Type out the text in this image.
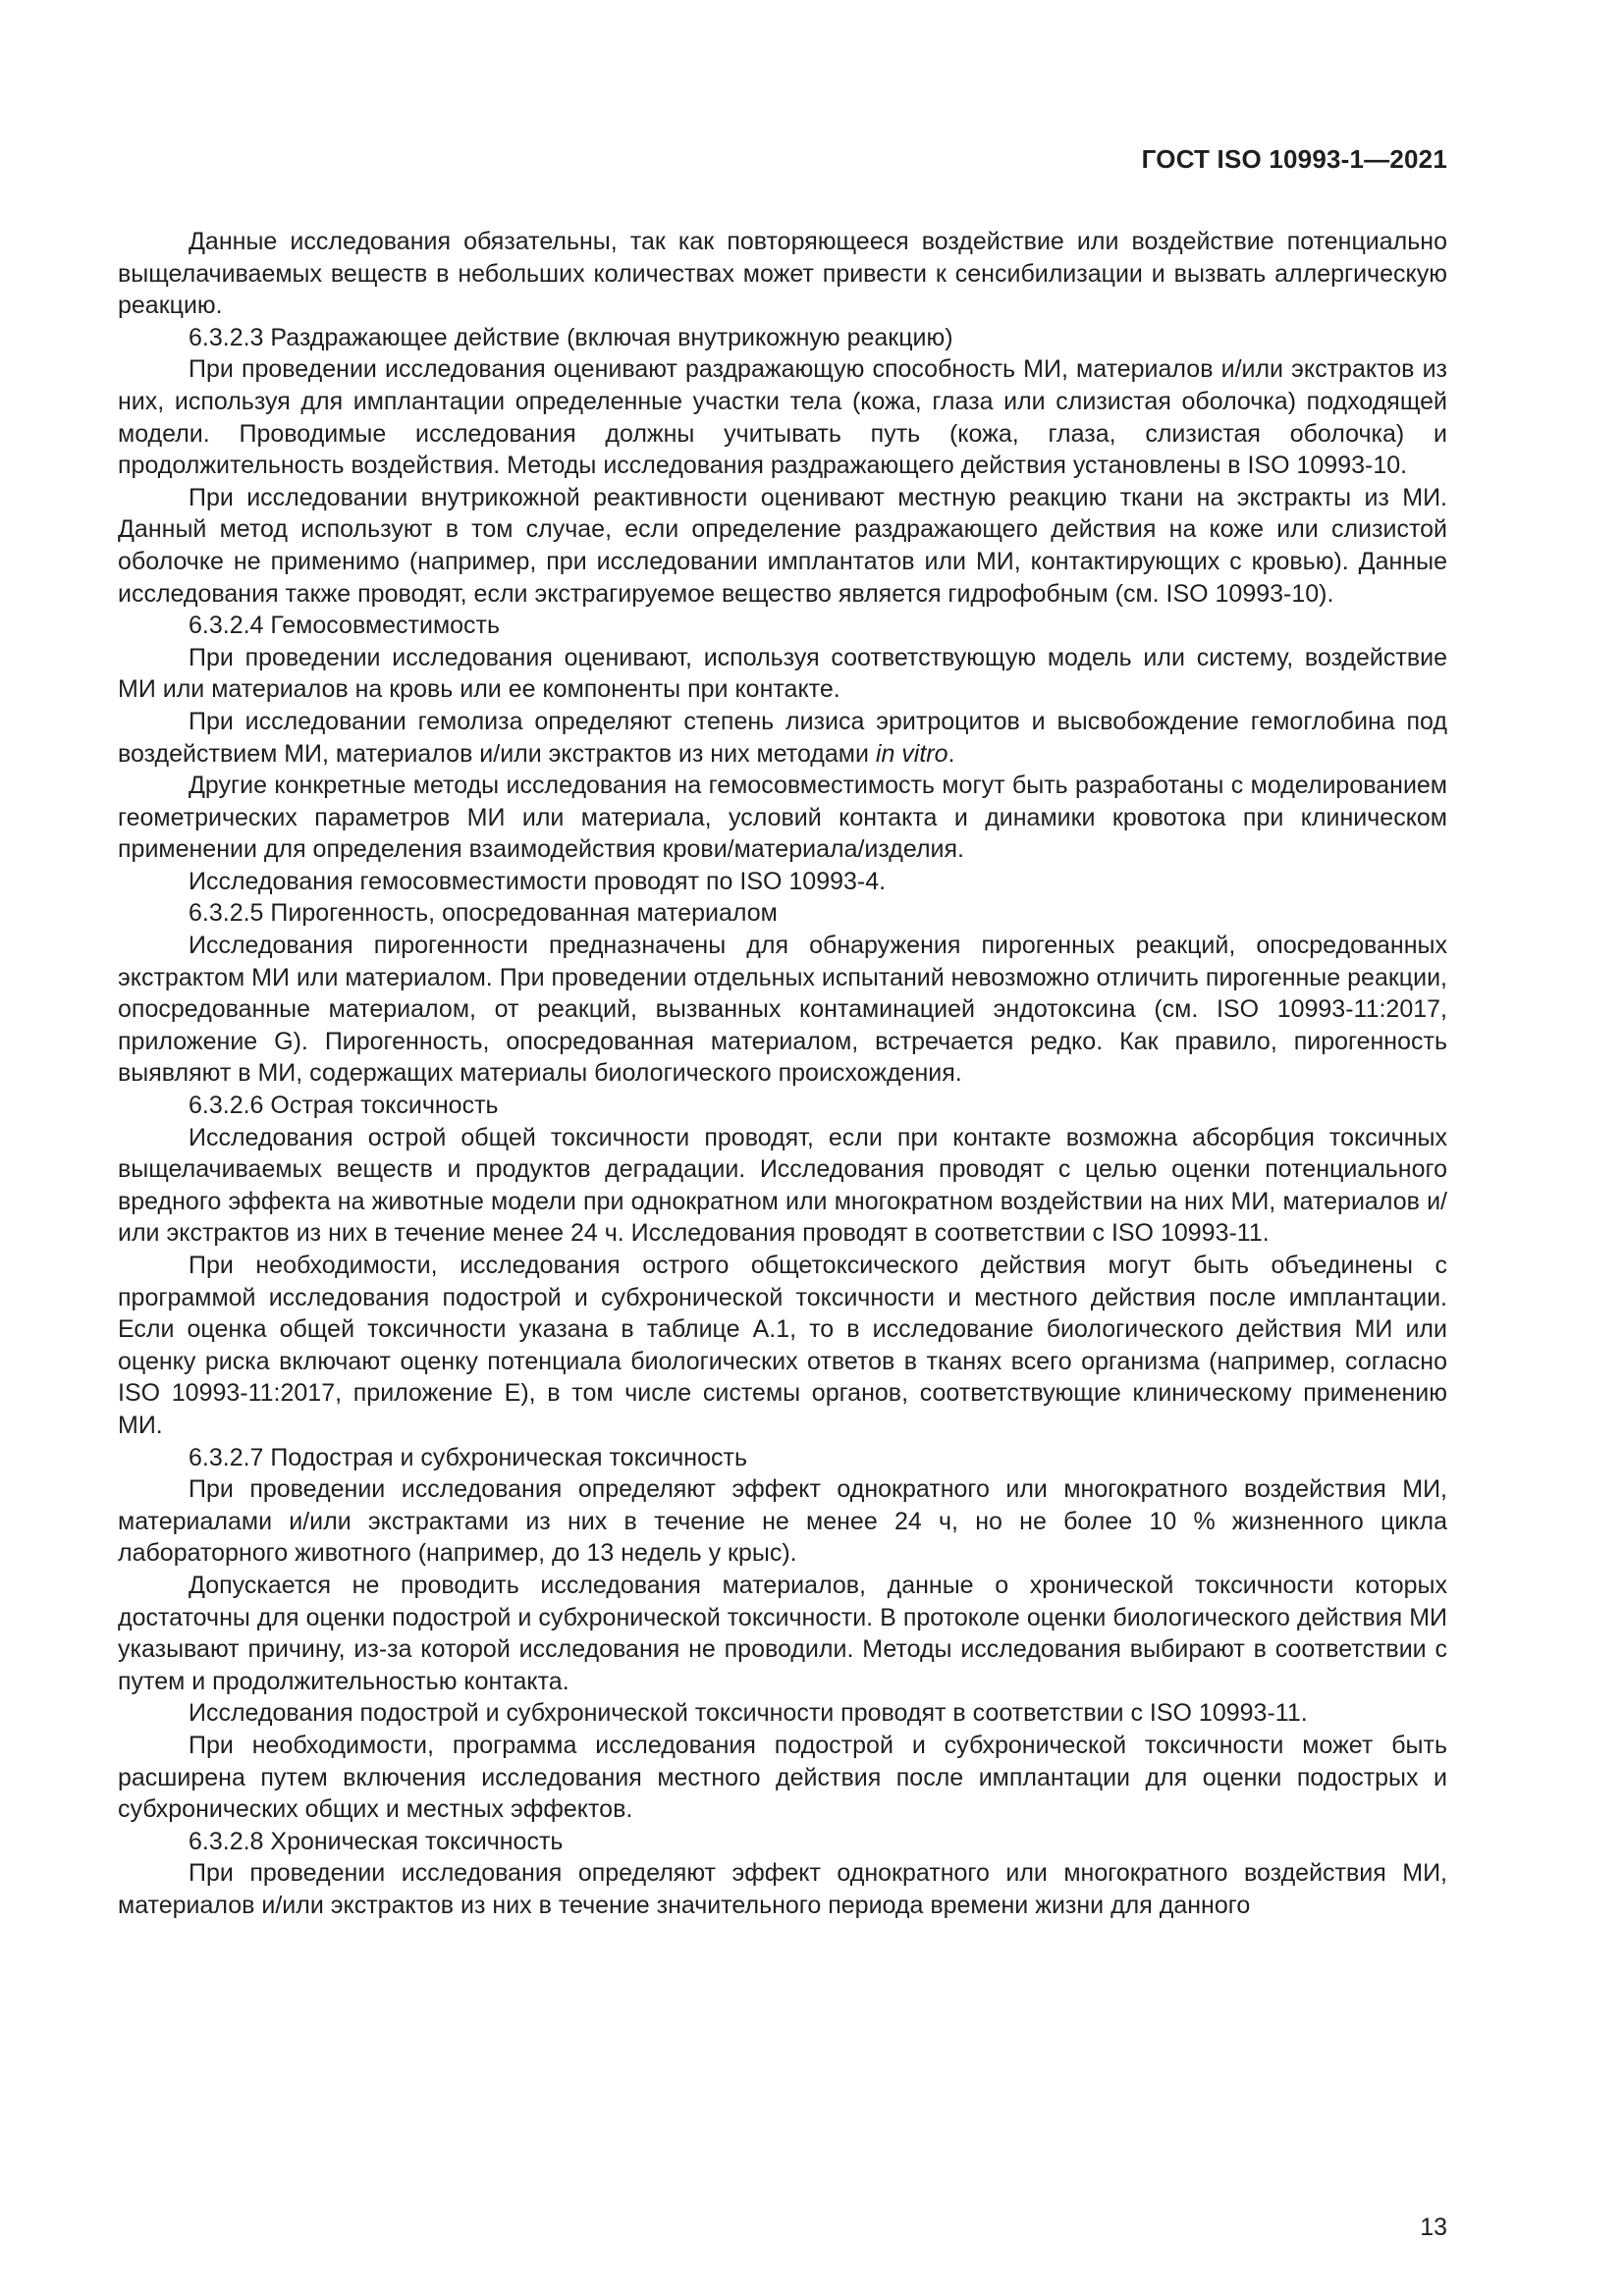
ГОСТ ISO 10993-1—2021

Данные исследования обязательны, так как повторяющееся воздействие или воздействие потенциально выщелачиваемых веществ в небольших количествах может привести к сенсибилизации и вызвать аллергическую реакцию.

6.3.2.3 Раздражающее действие (включая внутрикожную реакцию)

При проведении исследования оценивают раздражающую способность МИ, материалов и/или экстрактов из них, используя для имплантации определенные участки тела (кожа, глаза или слизистая оболочка) подходящей модели. Проводимые исследования должны учитывать путь (кожа, глаза, слизистая оболочка) и продолжительность воздействия. Методы исследования раздражающего действия установлены в ISO 10993-10.

При исследовании внутрикожной реактивности оценивают местную реакцию ткани на экстракты из МИ. Данный метод используют в том случае, если определение раздражающего действия на коже или слизистой оболочке не применимо (например, при исследовании имплантатов или МИ, контактирующих с кровью). Данные исследования также проводят, если экстрагируемое вещество является гидрофобным (см. ISO 10993-10).

6.3.2.4 Гемосовместимость

При проведении исследования оценивают, используя соответствующую модель или систему, воздействие МИ или материалов на кровь или ее компоненты при контакте.

При исследовании гемолиза определяют степень лизиса эритроцитов и высвобождение гемоглобина под воздействием МИ, материалов и/или экстрактов из них методами in vitro.

Другие конкретные методы исследования на гемосовместимость могут быть разработаны с моделированием геометрических параметров МИ или материала, условий контакта и динамики кровотока при клиническом применении для определения взаимодействия крови/материала/изделия.

Исследования гемосовместимости проводят по ISO 10993-4.

6.3.2.5 Пирогенность, опосредованная материалом

Исследования пирогенности предназначены для обнаружения пирогенных реакций, опосредованных экстрактом МИ или материалом. При проведении отдельных испытаний невозможно отличить пирогенные реакции, опосредованные материалом, от реакций, вызванных контаминацией эндотоксина (см. ISO 10993-11:2017, приложение G). Пирогенность, опосредованная материалом, встречается редко. Как правило, пирогенность выявляют в МИ, содержащих материалы биологического происхождения.

6.3.2.6 Острая токсичность

Исследования острой общей токсичности проводят, если при контакте возможна абсорбция токсичных выщелачиваемых веществ и продуктов деградации. Исследования проводят с целью оценки потенциального вредного эффекта на животные модели при однократном или многократном воздействии на них МИ, материалов и/или экстрактов из них в течение менее 24 ч. Исследования проводят в соответствии с ISO 10993-11.

При необходимости, исследования острого общетоксического действия могут быть объединены с программой исследования подострой и субхронической токсичности и местного действия после имплантации. Если оценка общей токсичности указана в таблице А.1, то в исследование биологического действия МИ или оценку риска включают оценку потенциала биологических ответов в тканях всего организма (например, согласно ISO 10993-11:2017, приложение Е), в том числе системы органов, соответствующие клиническому применению МИ.

6.3.2.7 Подострая и субхроническая токсичность

При проведении исследования определяют эффект однократного или многократного воздействия МИ, материалами и/или экстрактами из них в течение не менее 24 ч, но не более 10 % жизненного цикла лабораторного животного (например, до 13 недель у крыс).

Допускается не проводить исследования материалов, данные о хронической токсичности которых достаточны для оценки подострой и субхронической токсичности. В протоколе оценки биологического действия МИ указывают причину, из-за которой исследования не проводили. Методы исследования выбирают в соответствии с путем и продолжительностью контакта.

Исследования подострой и субхронической токсичности проводят в соответствии с ISO 10993-11.

При необходимости, программа исследования подострой и субхронической токсичности может быть расширена путем включения исследования местного действия после имплантации для оценки подострых и субхронических общих и местных эффектов.

6.3.2.8 Хроническая токсичность

При проведении исследования определяют эффект однократного или многократного воздействия МИ, материалов и/или экстрактов из них в течение значительного периода времени жизни для данного

13
